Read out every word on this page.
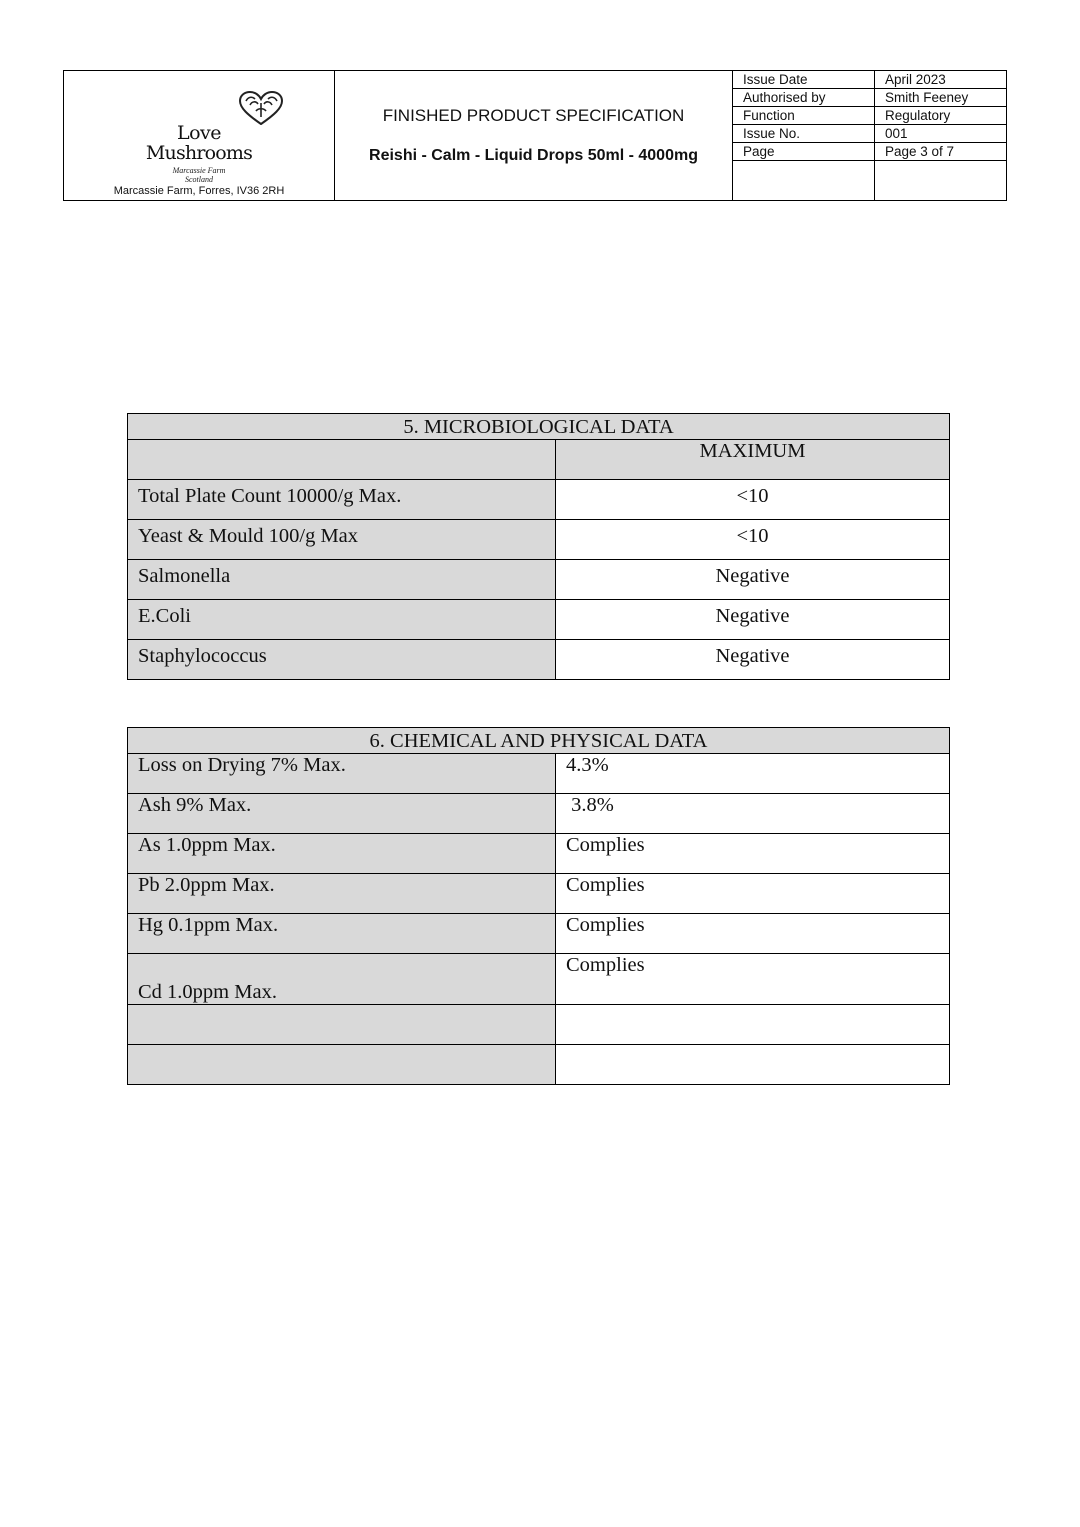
Love
Mushrooms
Marcassie Farm
Scotland
Marcassie Farm, Forres, IV36 2RH
FINISHED PRODUCT SPECIFICATION
Reishi - Calm - Liquid Drops 50ml - 4000mg
Issue Date	April 2023
Authorised by	Smith Feeney
Function	Regulatory
Issue No.	001
Page	Page 3 of 7

5. MICROBIOLOGICAL DATA	
	MAXIMUM
Total Plate Count 10000/g Max.	<10
Yeast & Mould 100/g Max	<10
Salmonella	Negative
E.Coli	Negative
Staphylococcus	Negative
6. CHEMICAL AND PHYSICAL DATA	
Loss on Drying 7% Max.	4.3%
Ash 9% Max.	3.8%
As 1.0ppm Max.	Complies
Pb 2.0ppm Max.	Complies
Hg 0.1ppm Max.	Complies
Cd 1.0ppm Max.	Complies
